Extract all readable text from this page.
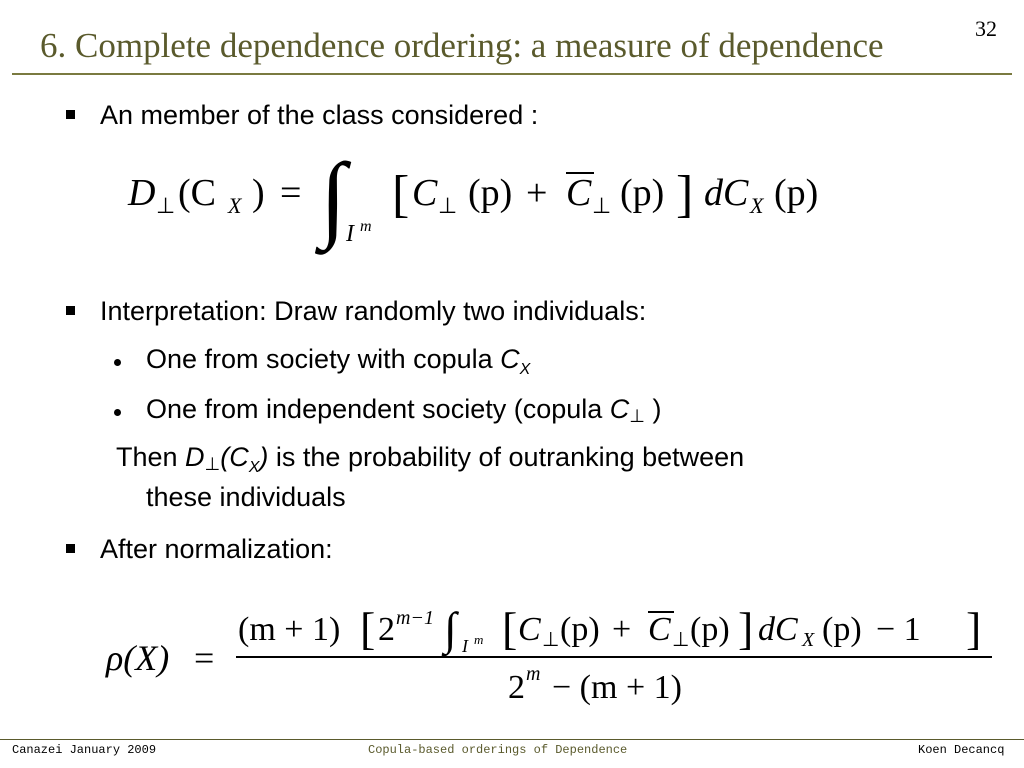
6. Complete dependence ordering: a measure of dependence	32
An member of the class considered :
D ⊥ (C X ) = ∫ I m
[ C ⊥ (p) + C ⊥ (p) ] dC X (p)
Interpretation: Draw randomly two individuals:
One from society with copula $C_X$
One from independent society (copula C⊥ )
Then $D\perp(C_X)$ is the probability of outranking between
these individuals
After normalization:
ρ(X) =
(m + 1) [ 2 m−1 ∫ I m [ C ⊥ (p) + C ⊥ (p) ] dC X (p) − 1 ]
2 m − (m + 1)
Canazei January 2009	Copula-based orderings of Dependence	Koen Decancq
